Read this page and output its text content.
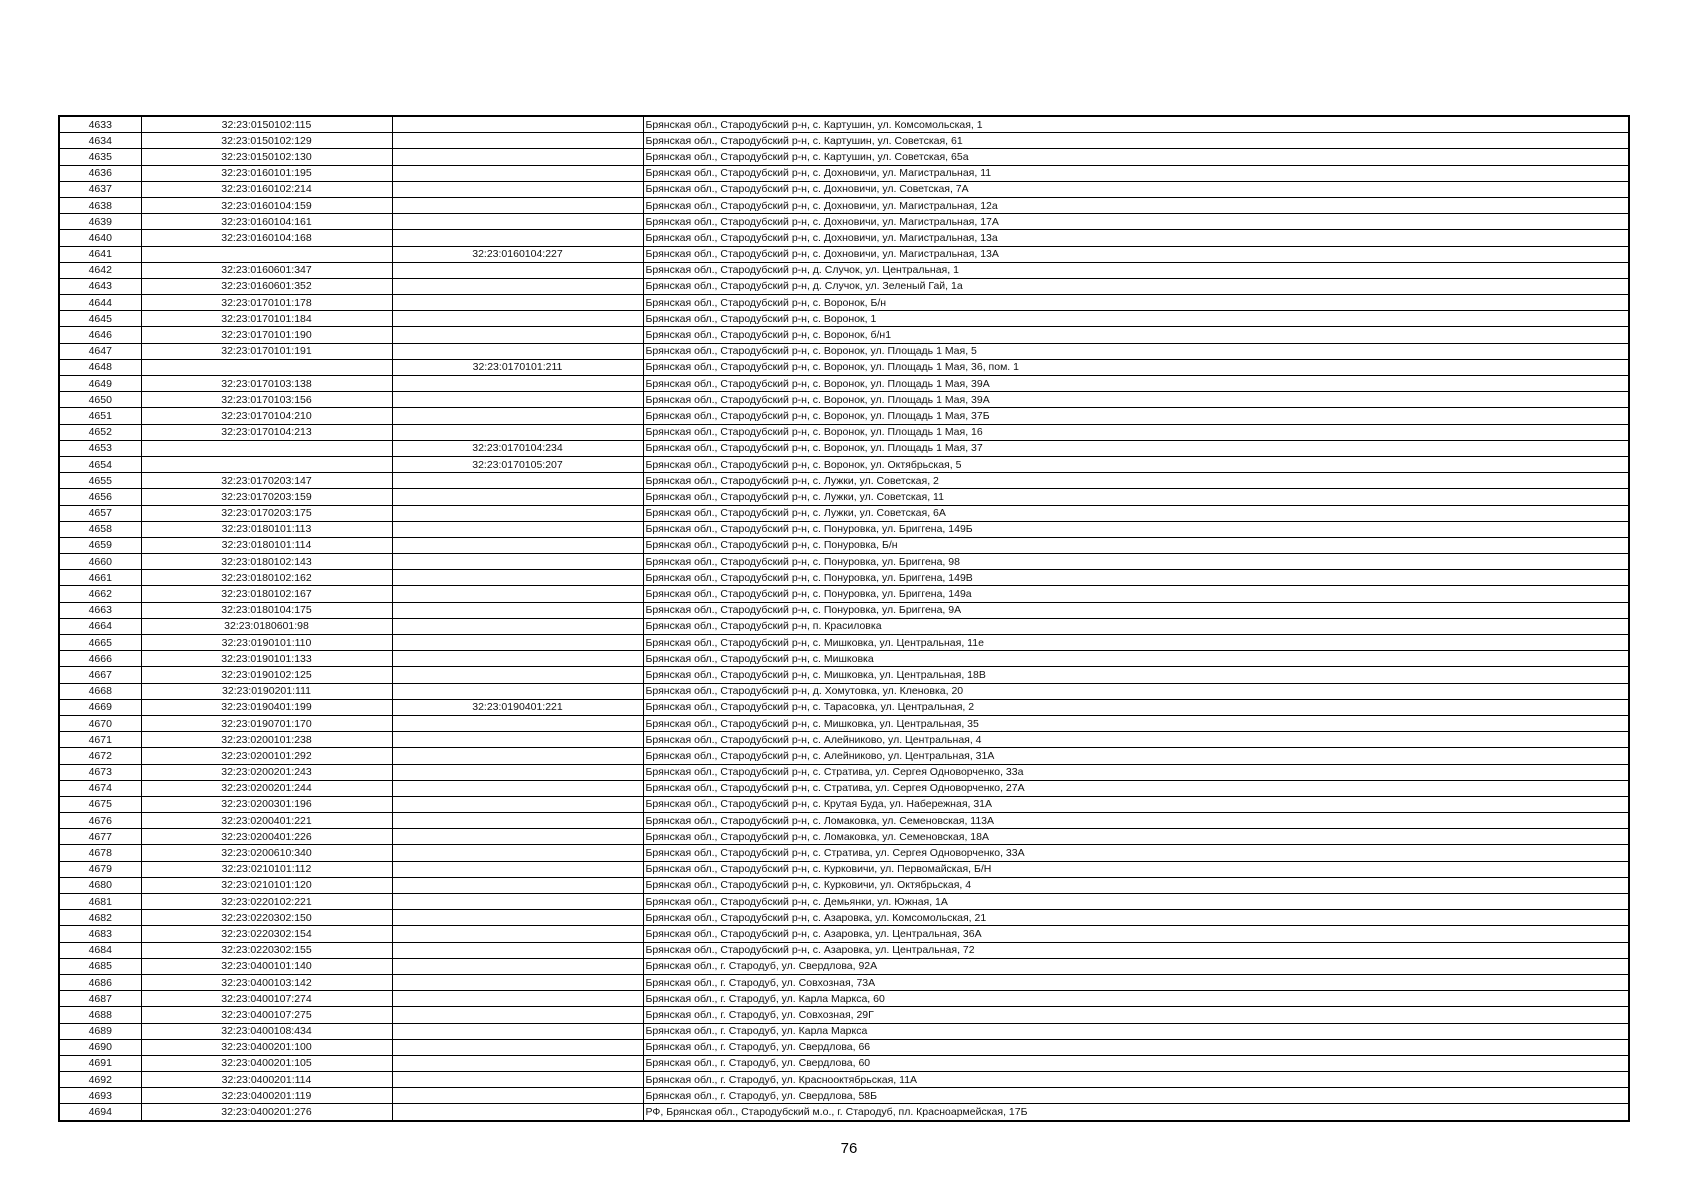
4633	32:23:0150102:115		Брянская обл., Стародубский р-н, с. Картушин, ул. Комсомольская, 1
4634	32:23:0150102:129		Брянская обл., Стародубский р-н, с. Картушин, ул. Советская, 61
4635	32:23:0150102:130		Брянская обл., Стародубский р-н, с. Картушин, ул. Советская, 65а
4636	32:23:0160101:195		Брянская обл., Стародубский р-н, с. Дохновичи, ул. Магистральная, 11
4637	32:23:0160102:214		Брянская обл., Стародубский р-н, с. Дохновичи, ул. Советская, 7А
4638	32:23:0160104:159		Брянская обл., Стародубский р-н, с. Дохновичи, ул. Магистральная, 12а
4639	32:23:0160104:161		Брянская обл., Стародубский р-н, с. Дохновичи, ул. Магистральная, 17А
4640	32:23:0160104:168		Брянская обл., Стародубский р-н, с. Дохновичи, ул. Магистральная, 13а
4641		32:23:0160104:227	Брянская обл., Стародубский р-н, с. Дохновичи, ул. Магистральная, 13А
4642	32:23:0160601:347		Брянская обл., Стародубский р-н, д. Случок, ул. Центральная, 1
4643	32:23:0160601:352		Брянская обл., Стародубский р-н, д. Случок, ул. Зеленый Гай, 1а
4644	32:23:0170101:178		Брянская обл., Стародубский р-н, с. Воронок, Б/н
4645	32:23:0170101:184		Брянская обл., Стародубский р-н, с. Воронок, 1
4646	32:23:0170101:190		Брянская обл., Стародубский р-н, с. Воронок, б/н1
4647	32:23:0170101:191		Брянская обл., Стародубский р-н, с. Воронок, ул. Площадь 1 Мая, 5
4648		32:23:0170101:211	Брянская обл., Стародубский р-н, с. Воронок, ул. Площадь 1 Мая, 36, пом. 1
4649	32:23:0170103:138		Брянская обл., Стародубский р-н, с. Воронок, ул. Площадь 1 Мая, 39А
4650	32:23:0170103:156		Брянская обл., Стародубский р-н, с. Воронок, ул. Площадь 1 Мая, 39А
4651	32:23:0170104:210		Брянская обл., Стародубский р-н, с. Воронок, ул. Площадь 1 Мая, 37Б
4652	32:23:0170104:213		Брянская обл., Стародубский р-н, с. Воронок, ул. Площадь 1 Мая, 16
4653		32:23:0170104:234	Брянская обл., Стародубский р-н, с. Воронок, ул. Площадь 1 Мая, 37
4654		32:23:0170105:207	Брянская обл., Стародубский р-н, с. Воронок, ул. Октябрьская, 5
4655	32:23:0170203:147		Брянская обл., Стародубский р-н, с. Лужки, ул. Советская, 2
4656	32:23:0170203:159		Брянская обл., Стародубский р-н, с. Лужки, ул. Советская, 11
4657	32:23:0170203:175		Брянская обл., Стародубский р-н, с. Лужки, ул. Советская, 6А
4658	32:23:0180101:113		Брянская обл., Стародубский р-н, с. Понуровка, ул. Бриггена, 149Б
4659	32:23:0180101:114		Брянская обл., Стародубский р-н, с. Понуровка, Б/н
4660	32:23:0180102:143		Брянская обл., Стародубский р-н, с. Понуровка, ул. Бриггена, 98
4661	32:23:0180102:162		Брянская обл., Стародубский р-н, с. Понуровка, ул. Бриггена, 149В
4662	32:23:0180102:167		Брянская обл., Стародубский р-н, с. Понуровка, ул. Бриггена, 149а
4663	32:23:0180104:175		Брянская обл., Стародубский р-н, с. Понуровка, ул. Бриггена, 9А
4664	32:23:0180601:98		Брянская обл., Стародубский р-н, п. Красиловка
4665	32:23:0190101:110		Брянская обл., Стародубский р-н, с. Мишковка, ул. Центральная, 11е
4666	32:23:0190101:133		Брянская обл., Стародубский р-н, с. Мишковка
4667	32:23:0190102:125		Брянская обл., Стародубский р-н, с. Мишковка, ул. Центральная, 18В
4668	32:23:0190201:111		Брянская обл., Стародубский р-н, д. Хомутовка, ул. Кленовка, 20
4669	32:23:0190401:199	32:23:0190401:221	Брянская обл., Стародубский р-н, с. Тарасовка, ул. Центральная, 2
4670	32:23:0190701:170		Брянская обл., Стародубский р-н, с. Мишковка, ул. Центральная, 35
4671	32:23:0200101:238		Брянская обл., Стародубский р-н, с. Алейниково, ул. Центральная, 4
4672	32:23:0200101:292		Брянская обл., Стародубский р-н, с. Алейниково, ул. Центральная, 31А
4673	32:23:0200201:243		Брянская обл., Стародубский р-н, с. Стратива, ул. Сергея Одноворченко, 33а
4674	32:23:0200201:244		Брянская обл., Стародубский р-н, с. Стратива, ул. Сергея Одноворченко, 27А
4675	32:23:0200301:196		Брянская обл., Стародубский р-н, с. Крутая Буда, ул. Набережная, 31А
4676	32:23:0200401:221		Брянская обл., Стародубский р-н, с. Ломаковка, ул. Семеновская, 113А
4677	32:23:0200401:226		Брянская обл., Стародубский р-н, с. Ломаковка, ул. Семеновская, 18А
4678	32:23:0200610:340		Брянская обл., Стародубский р-н, с. Стратива, ул. Сергея Одноворченко, 33А
4679	32:23:0210101:112		Брянская обл., Стародубский р-н, с. Курковичи, ул. Первомайская, Б/Н
4680	32:23:0210101:120		Брянская обл., Стародубский р-н, с. Курковичи, ул. Октябрьская, 4
4681	32:23:0220102:221		Брянская обл., Стародубский р-н, с. Демьянки, ул. Южная, 1А
4682	32:23:0220302:150		Брянская обл., Стародубский р-н, с. Азаровка, ул. Комсомольская, 21
4683	32:23:0220302:154		Брянская обл., Стародубский р-н, с. Азаровка, ул. Центральная, 36А
4684	32:23:0220302:155		Брянская обл., Стародубский р-н, с. Азаровка, ул. Центральная, 72
4685	32:23:0400101:140		Брянская обл., г. Стародуб, ул. Свердлова, 92А
4686	32:23:0400103:142		Брянская обл., г. Стародуб, ул. Совхозная, 73А
4687	32:23:0400107:274		Брянская обл., г. Стародуб, ул. Карла Маркса, 60
4688	32:23:0400107:275		Брянская обл., г. Стародуб, ул. Совхозная, 29Г
4689	32:23:0400108:434		Брянская обл., г. Стародуб, ул. Карла Маркса
4690	32:23:0400201:100		Брянская обл., г. Стародуб, ул. Свердлова, 66
4691	32:23:0400201:105		Брянская обл., г. Стародуб, ул. Свердлова, 60
4692	32:23:0400201:114		Брянская обл., г. Стародуб, ул. Краснооктябрьская, 11А
4693	32:23:0400201:119		Брянская обл., г. Стародуб, ул. Свердлова, 58Б
4694	32:23:0400201:276		РФ, Брянская обл., Стародубский м.о., г. Стародуб, пл. Красноармейская, 17Б
76
